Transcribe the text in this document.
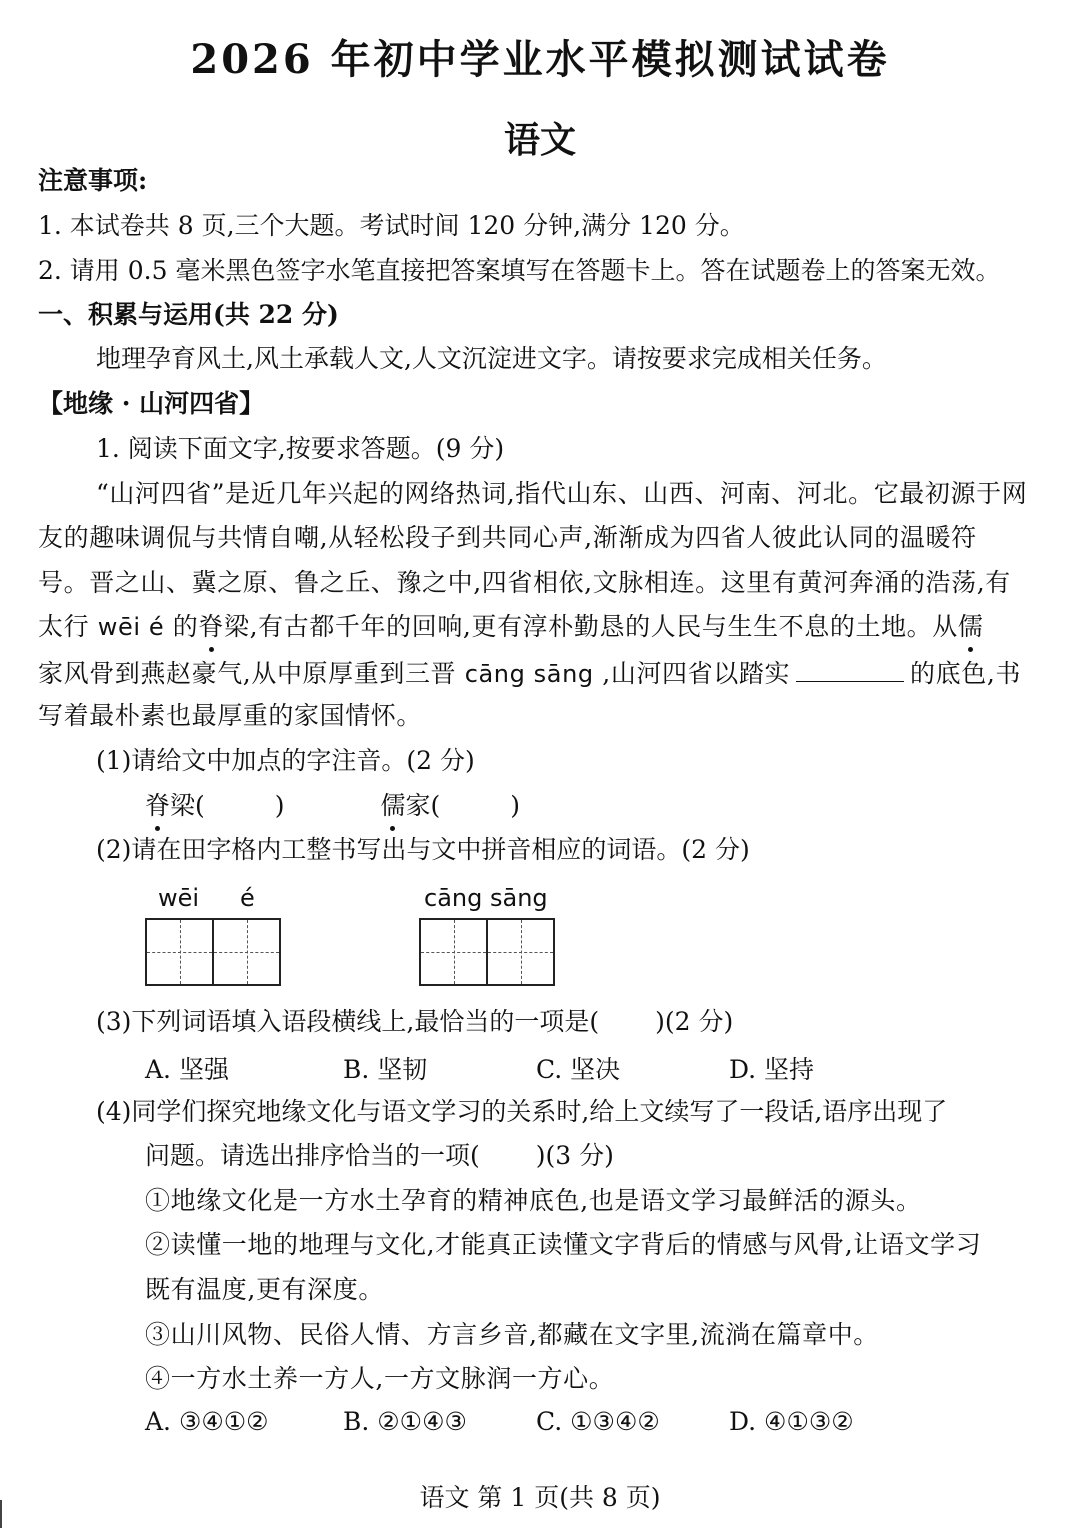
2026 年初中学业水平模拟测试试卷
语文
注意事项:
1. 本试卷共 8 页,三个大题。考试时间 120 分钟,满分 120 分。
2. 请用 0.5 毫米黑色签字水笔直接把答案填写在答题卡上。答在试题卷上的答案无效。
一、积累与运用(共 22 分)
地理孕育风土,风土承载人文,人文沉淀进文字。请按要求完成相关任务。
【地缘 · 山河四省】
1. 阅读下面文字,按要求答题。(9 分)
“山河四省”是近几年兴起的网络热词,指代山东、山西、河南、河北。它最初源于网
友的趣味调侃与共情自嘲,从轻松段子到共同心声,渐渐成为四省人彼此认同的温暖符
号。晋之山、冀之原、鲁之丘、豫之中,四省相依,文脉相连。这里有黄河奔涌的浩荡,有
太行 wēi é 的脊梁,有古都千年的回响,更有淳朴勤恳的人民与生生不息的土地。从儒
家风骨到燕赵豪气,从中原厚重到三晋 cāng sāng ,山河四省以踏实	的底色,书
写着最朴素也最厚重的家国情怀。
(1)请给文中加点的字注音。(2 分)
脊梁(	)	儒家(	)
(2)请在田字格内工整书写出与文中拼音相应的词语。(2 分)
wēi é	cāng sāng
(3)下列词语填入语段横线上,最恰当的一项是( )(2 分)
A. 坚强	B. 坚韧	C. 坚决	D. 坚持
(4)同学们探究地缘文化与语文学习的关系时,给上文续写了一段话,语序出现了
问题。请选出排序恰当的一项( )(3 分)
①地缘文化是一方水土孕育的精神底色,也是语文学习最鲜活的源头。
②读懂一地的地理与文化,才能真正读懂文字背后的情感与风骨,让语文学习
既有温度,更有深度。
③山川风物、民俗人情、方言乡音,都藏在文字里,流淌在篇章中。
④一方水土养一方人,一方文脉润一方心。
A. ③④①②	B. ②①④③	C. ①③④②	D. ④①③②
语文 第 1 页(共 8 页)
